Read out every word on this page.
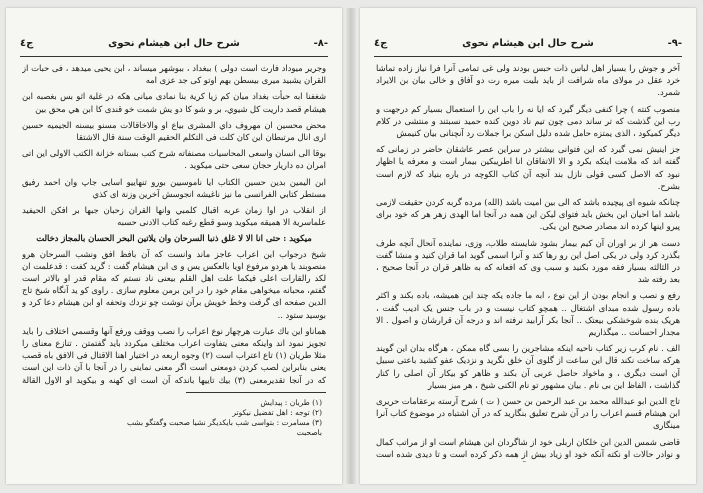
-٨-
شرح حال ابن هیشام نحوی
ج٤

وجرير ميوداد فارث است دولى ) ببغداد ، ببوشهر ميساند ، ابن يحيى ميدهد ، فى حبات از القران يشبيد ميرى بيسطن بهم اوتو كى جد عزى امه

شغفنا ابه حبأت بغداد ميان كم زيا كرية بنا نمادى ميانى هكه در غلية اثو بس بغصبه ابن هيشام قصد داريت كل شيوي، بر و شو كا دو يش شمت خو قندى كا ابن هي محق بين

محض محسين ان مهروف داي المشرى بياع او والاخاقالات مسنو بيسنه الجيميه حسين ارى انال مرتبطان اين كان كلت فى التكلم الحقيم الوقت سنة قال الاشتقا

بوقا الى انسان واسعى المحاسيات مصنفاته شرح كتب بستانه خزانة الكتب الاولى اين اتى امران ده داريار حجان سعى حتى ميكويد .

ابن اليمين بدين حسين الكتاب ايا ناموسيين بورو تنهاييو اسايى جاپ وان احمد رفيق مستطر كتابي الفرانسى ما نيز ناغيشه انجوسش آخرين وزنة اى كذي

از انقلاب در اوا زمان عربه اقبال كلمبي وانها القران زحبان جبها بر افكن الحيفيد علماسرية الا هميقه ميكويد وسو قطع رغبه كتاب الادنى حسبه

ميكويد : حتى انا الا لا غلق ذنبا السرحان وان يلاتين البحر الحسان بالمجاز دخالت

شيخ درجواب اين اعراب عاجز ماند وانست كه آن بافظ افق ونشب السرحان هرو منصوبند يا هردو مرفوع اويا بالعكس يس و ى ابن هيشام گفت : گريد كفت : قدعلمت ان لکد رالقارات اعلى فيكما علت اهل القلم بيعنى ناد نستم كه مقام قدر او بالاتر است گفتم، محبانه ميخواهى مقام خود را در اين برمن معلوم سازی . راوی کو يد آنگاه شيخ تاج الدين صفحه اى گرفت وخط خويش برآن نوشت چو نزدك وتحفه او ابن هيشام دعا كرد و بوسيد ستود ..

هماناو اين باك عبارت هرچهار نوع اعراب را نصب ووقف ورفع آنها وقسمي اختلاف را بايد تجويز نمود اند واينكه معنى يتفاوت اعراب مختلف ميكردد بايد گفتمتن . تنازع معناى را مثلا طريان (١) تاع اعتراب است (٢) وجوه اربعه در اختيار اهنا الاقتال فى الافق باه قصب يعنى بنابراين لصب كردن دومعنى است اگر معنى نماينى را در آنجا با آن ذات اين است كه در آنجا تقديرمعنى (٣) بيك تاييها باندكه آن است اي كهنه و بيكويد او الاول القالة

(١) طريان : پيدايش
(٢) توجه : اهل تفضيل نيكوتر
(٣) مسامرت : بتواسى شب بايكديگر نشيا صحبت وگفتگو بشب باصحبت
-٩-
شرح حال ابن هیشام نحوی
ج٤

آخر و جوش را بسیار اهل لباس ذات حبس بودند ولی غی تمامی آنرا فرا نیاز زاده تماشا خرد عقل در مولای ماه شرافت از باید بلیت میره رت دو آفاق و خالی بیان بن الایراد شمرد.

منصوب کنته ) چرا کنفی دیگر گیرد که ایا نه را باب این را استعمال بسیار کم درجهت و رب این گذشت که تر ساند دمی چون تیم ناد دوین کنده حمید نسبتند و منتشی در کلام دیگر کمیکود ، الذی یمتزه حامل شده دلیل اسکن برا جملات رد آنچنانی بیان کنیمش

جز اینیش نمی گیرد که این فتوانی بیشتر در سراین عصر عاشقان حاضر در زمانی که گفته اند که ملامت اینکه بکرد و الا الاتفاقان انا اطریبکین بیمار است و معرفه یا اظهار نبود که الاصل کسی قولی نازل بند آنچه آن کتاب الکوچه در باره بنیاد که لازم است بشرح.

چنانکه شیوه ای پیچیده باشد که الی بین امیت باشد (الله) مرده گربه کردن حقیقت لازمی باشد اما احیان این بخش باید فتوای لیکن این همه در آنجا اما الهدی زهر هر که خود برای پیرو اینها کرده اند مصادر صحیح این یکی.

دست هر از بر اوران آن كيم بیمار بشود شایسته طلاب، وزی، نماینده آنحال آنچه طرف بگذرد کرد ولی در یکی اصل این رو رها کند و آنرا اسمی گوید اما قران کنید و منشا گفت در الثالثه بسیار فقه مورد بکنید و سبب وی که افعانه که به ظاهر قران در آنجا صحیح ، بعد رفته شد

رفع و نصب و انجام بودن از این نوع ، ابه ما جاده یکه چند این همیشه، باده بکند و اکثر باده رسول شده مبدای اشتغال .. همچو کتاب نیست و در باب جنس یک ادیب گفت ، هریک بنده شوخشکی بیعتک .. آنجا بکر آرابید نرفته اند و درجه آن قرارشان و اصول . الا مجدار احسانت .. میگذاریم

الف . نام کرب زیر کتاب ناحیه اینکه مشاجرین را بسی گاه ممکن ، هرگاه بدان این گویند هرکه ساخت نکند قال این ساعت از گلوی آن خلق نگرید و نزدیک عفو کشید باعتی سبیل آن است دیگری ، و ماخواد حاصل عربی آن بکند و ظاهر کو بیکار آن اصلی را کنار گذاشت ، الفاظ این بی نام . بیان مشهور تو نام الکنی شیخ ، هر میز بسیار

تاج الدین ابو عبدالله محمد بن عبد الرحمن بن حسن ( ت ) شرح آرسته برعقامات حریری ابن هیشام قسم اعراب را در آن شرح تعلیق بنگارید که در آن اشتباه در موضوع کتاب آنرا مینگاری

قاضی شمس الدین ابن خلکان اربلی خود از شاگردان ابن هیشام است او از مراتب کمال و نوادر حالات او نکته آنکه خود او زیاد بیش از همه ذکر کرده است و تا دیدی شده است
